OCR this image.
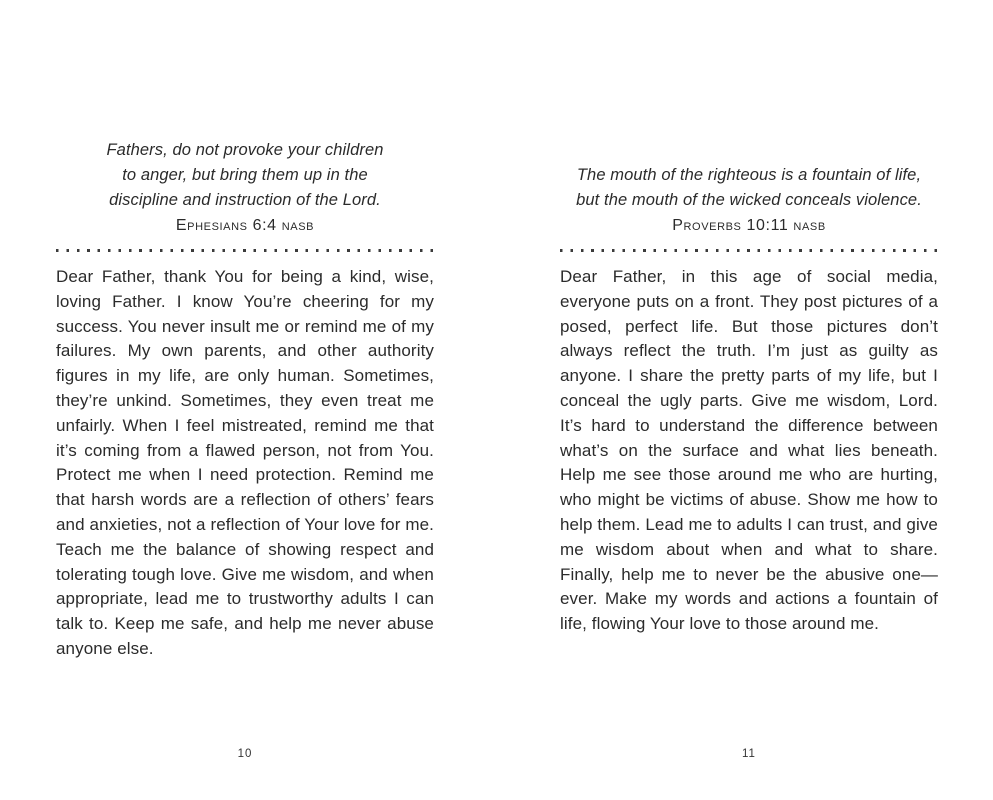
Fathers, do not provoke your children
to anger, but bring them up in the
discipline and instruction of the Lord.
Ephesians 6:4 nasb
Dear Father, thank You for being a kind, wise, loving Father. I know You’re cheering for my success. You never insult me or remind me of my failures. My own parents, and other authority figures in my life, are only human. Sometimes, they’re unkind. Sometimes, they even treat me unfairly. When I feel mistreated, remind me that it’s coming from a flawed person, not from You. Protect me when I need protection. Remind me that harsh words are a reflection of others’ fears and anxieties, not a reflection of Your love for me. Teach me the balance of showing respect and tolerating tough love. Give me wisdom, and when appropriate, lead me to trustworthy adults I can talk to. Keep me safe, and help me never abuse anyone else.
10
The mouth of the righteous is a fountain of life,
but the mouth of the wicked conceals violence.
Proverbs 10:11 nasb
Dear Father, in this age of social media, everyone puts on a front. They post pictures of a posed, perfect life. But those pictures don’t always reflect the truth. I’m just as guilty as anyone. I share the pretty parts of my life, but I conceal the ugly parts. Give me wisdom, Lord. It’s hard to understand the difference between what’s on the surface and what lies beneath. Help me see those around me who are hurting, who might be victims of abuse. Show me how to help them. Lead me to adults I can trust, and give me wisdom about when and what to share. Finally, help me to never be the abusive one—ever. Make my words and actions a fountain of life, flowing Your love to those around me.
11
